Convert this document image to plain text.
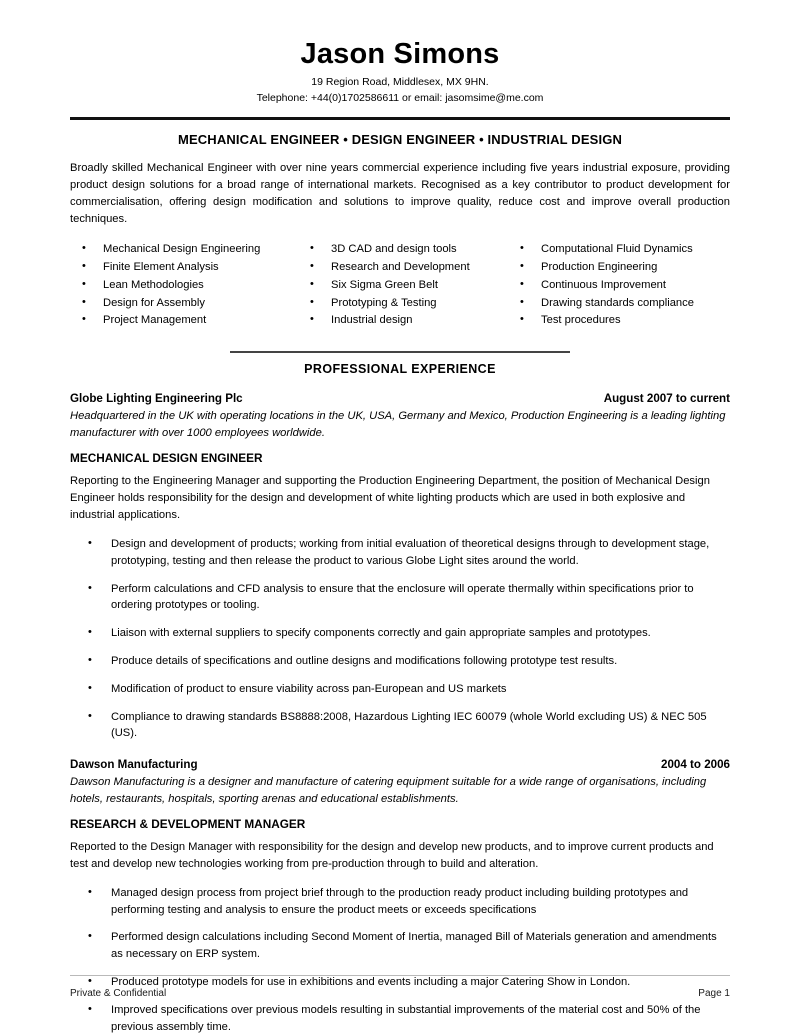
Jason Simons
19 Region Road, Middlesex, MX 9HN.
Telephone: +44(0)1702586611 or email: jasomsime@me.com
MECHANICAL ENGINEER • DESIGN ENGINEER • INDUSTRIAL DESIGN

Broadly skilled Mechanical Engineer with over nine years commercial experience including five years industrial exposure, providing product design solutions for a broad range of international markets. Recognised as a key contributor to product development for commercialisation, offering design modification and solutions to improve quality, reduce cost and improve overall production techniques.

• Mechanical Design Engineering
• Finite Element Analysis
• Lean Methodologies
• Design for Assembly
• Project Management
• 3D CAD and design tools
• Research and Development
• Six Sigma Green Belt
• Prototyping & Testing
• Industrial design
• Computational Fluid Dynamics
• Production Engineering
• Continuous Improvement
• Drawing standards compliance
• Test procedures
PROFESSIONAL EXPERIENCE
Globe Lighting Engineering Plc	August 2007 to current
Headquartered in the UK with operating locations in the UK, USA, Germany and Mexico, Production Engineering is a leading lighting manufacturer with over 1000 employees worldwide.
MECHANICAL DESIGN ENGINEER
Reporting to the Engineering Manager and supporting the Production Engineering Department, the position of Mechanical Design Engineer holds responsibility for the design and development of white lighting products which are used in both explosive and industrial applications.
• Design and development of products; working from initial evaluation of theoretical designs through to development stage, prototyping, testing and then release the product to various Globe Light sites around the world.
• Perform calculations and CFD analysis to ensure that the enclosure will operate thermally within specifications prior to ordering prototypes or tooling.
• Liaison with external suppliers to specify components correctly and gain appropriate samples and prototypes.
• Produce details of specifications and outline designs and modifications following prototype test results.
• Modification of product to ensure viability across pan-European and US markets
• Compliance to drawing standards BS8888:2008, Hazardous Lighting IEC 60079 (whole World excluding US) & NEC 505 (US).
Dawson Manufacturing	2004 to 2006
Dawson Manufacturing is a designer and manufacture of catering equipment suitable for a wide range of organisations, including hotels, restaurants, hospitals, sporting arenas and educational establishments.
RESEARCH & DEVELOPMENT MANAGER
Reported to the Design Manager with responsibility for the design and develop new products, and to improve current products and test and develop new technologies working from pre-production through to build and alteration.
• Managed design process from project brief through to the production ready product including building prototypes and performing testing and analysis to ensure the product meets or exceeds specifications
• Performed design calculations including Second Moment of Inertia, managed Bill of Materials generation and amendments as necessary on ERP system.
• Produced prototype models for use in exhibitions and events including a major Catering Show in London.
• Improved specifications over previous models resulting in substantial improvements of the material cost and 50% of the previous assembly time.
Private & Confidential	Page 1
